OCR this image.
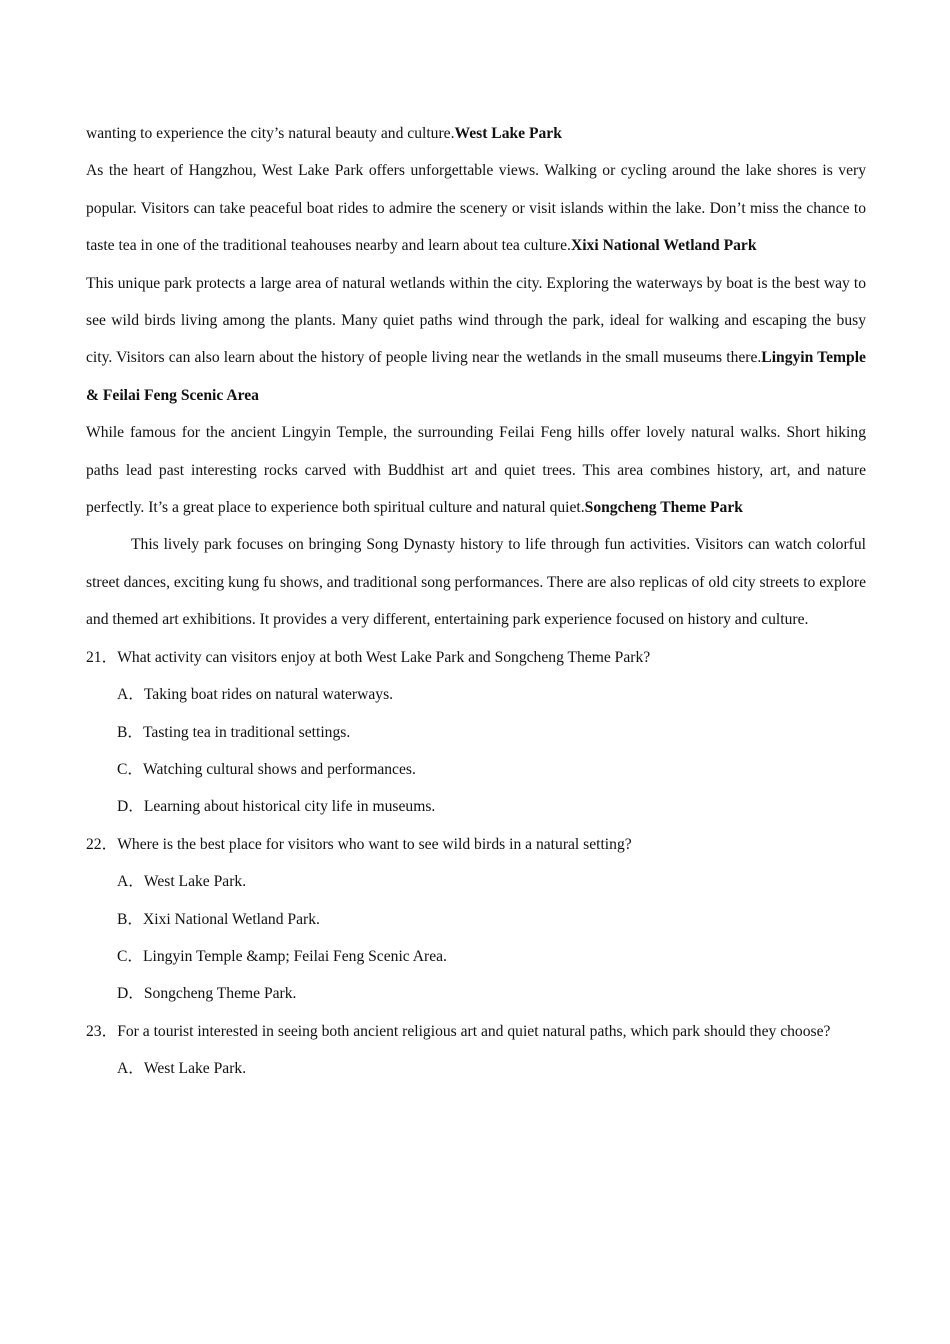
wanting to experience the city’s natural beauty and culture.West Lake Park

As the heart of Hangzhou, West Lake Park offers unforgettable views. Walking or cycling around the lake shores is very popular. Visitors can take peaceful boat rides to admire the scenery or visit islands within the lake. Don’t miss the chance to taste tea in one of the traditional teahouses nearby and learn about tea culture.Xixi National Wetland Park

This unique park protects a large area of natural wetlands within the city. Exploring the waterways by boat is the best way to see wild birds living among the plants. Many quiet paths wind through the park, ideal for walking and escaping the busy city. Visitors can also learn about the history of people living near the wetlands in the small museums there.Lingyin Temple & Feilai Feng Scenic Area

While famous for the ancient Lingyin Temple, the surrounding Feilai Feng hills offer lovely natural walks. Short hiking paths lead past interesting rocks carved with Buddhist art and quiet trees. This area combines history, art, and nature perfectly. It’s a great place to experience both spiritual culture and natural quiet.Songcheng Theme Park

This lively park focuses on bringing Song Dynasty history to life through fun activities. Visitors can watch colorful street dances, exciting kung fu shows, and traditional song performances. There are also replicas of old city streets to explore and themed art exhibitions. It provides a very different, entertaining park experience focused on history and culture.

21．What activity can visitors enjoy at both West Lake Park and Songcheng Theme Park?

A．Taking boat rides on natural waterways.

B．Tasting tea in traditional settings.

C．Watching cultural shows and performances.

D．Learning about historical city life in museums.

22．Where is the best place for visitors who want to see wild birds in a natural setting?

A．West Lake Park.

B．Xixi National Wetland Park.

C．Lingyin Temple &amp; Feilai Feng Scenic Area.

D．Songcheng Theme Park.

23．For a tourist interested in seeing both ancient religious art and quiet natural paths, which park should they choose?

A．West Lake Park.
